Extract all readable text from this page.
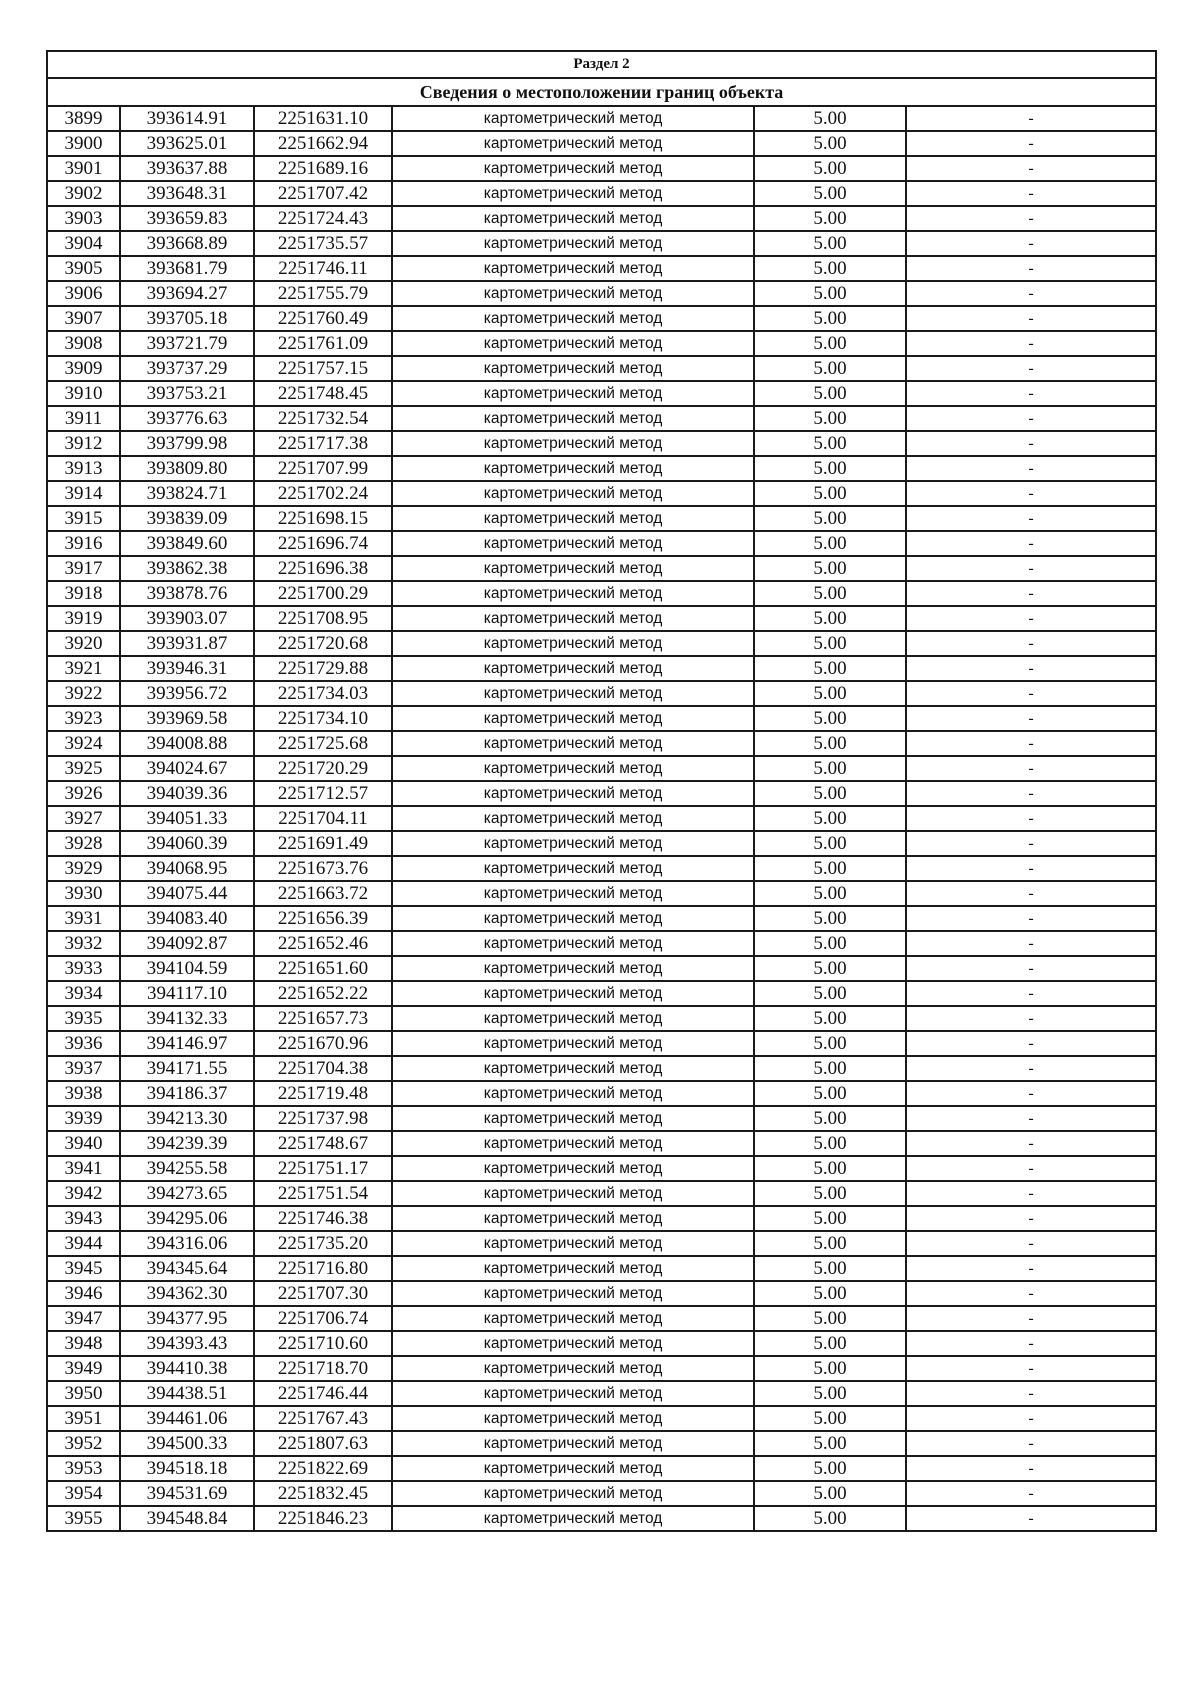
Раздел 2					
Сведения о местоположении границ объекта					
3899	393614.91	2251631.10	картометрический метод	5.00	-
3900	393625.01	2251662.94	картометрический метод	5.00	-
3901	393637.88	2251689.16	картометрический метод	5.00	-
3902	393648.31	2251707.42	картометрический метод	5.00	-
3903	393659.83	2251724.43	картометрический метод	5.00	-
3904	393668.89	2251735.57	картометрический метод	5.00	-
3905	393681.79	2251746.11	картометрический метод	5.00	-
3906	393694.27	2251755.79	картометрический метод	5.00	-
3907	393705.18	2251760.49	картометрический метод	5.00	-
3908	393721.79	2251761.09	картометрический метод	5.00	-
3909	393737.29	2251757.15	картометрический метод	5.00	-
3910	393753.21	2251748.45	картометрический метод	5.00	-
3911	393776.63	2251732.54	картометрический метод	5.00	-
3912	393799.98	2251717.38	картометрический метод	5.00	-
3913	393809.80	2251707.99	картометрический метод	5.00	-
3914	393824.71	2251702.24	картометрический метод	5.00	-
3915	393839.09	2251698.15	картометрический метод	5.00	-
3916	393849.60	2251696.74	картометрический метод	5.00	-
3917	393862.38	2251696.38	картометрический метод	5.00	-
3918	393878.76	2251700.29	картометрический метод	5.00	-
3919	393903.07	2251708.95	картометрический метод	5.00	-
3920	393931.87	2251720.68	картометрический метод	5.00	-
3921	393946.31	2251729.88	картометрический метод	5.00	-
3922	393956.72	2251734.03	картометрический метод	5.00	-
3923	393969.58	2251734.10	картометрический метод	5.00	-
3924	394008.88	2251725.68	картометрический метод	5.00	-
3925	394024.67	2251720.29	картометрический метод	5.00	-
3926	394039.36	2251712.57	картометрический метод	5.00	-
3927	394051.33	2251704.11	картометрический метод	5.00	-
3928	394060.39	2251691.49	картометрический метод	5.00	-
3929	394068.95	2251673.76	картометрический метод	5.00	-
3930	394075.44	2251663.72	картометрический метод	5.00	-
3931	394083.40	2251656.39	картометрический метод	5.00	-
3932	394092.87	2251652.46	картометрический метод	5.00	-
3933	394104.59	2251651.60	картометрический метод	5.00	-
3934	394117.10	2251652.22	картометрический метод	5.00	-
3935	394132.33	2251657.73	картометрический метод	5.00	-
3936	394146.97	2251670.96	картометрический метод	5.00	-
3937	394171.55	2251704.38	картометрический метод	5.00	-
3938	394186.37	2251719.48	картометрический метод	5.00	-
3939	394213.30	2251737.98	картометрический метод	5.00	-
3940	394239.39	2251748.67	картометрический метод	5.00	-
3941	394255.58	2251751.17	картометрический метод	5.00	-
3942	394273.65	2251751.54	картометрический метод	5.00	-
3943	394295.06	2251746.38	картометрический метод	5.00	-
3944	394316.06	2251735.20	картометрический метод	5.00	-
3945	394345.64	2251716.80	картометрический метод	5.00	-
3946	394362.30	2251707.30	картометрический метод	5.00	-
3947	394377.95	2251706.74	картометрический метод	5.00	-
3948	394393.43	2251710.60	картометрический метод	5.00	-
3949	394410.38	2251718.70	картометрический метод	5.00	-
3950	394438.51	2251746.44	картометрический метод	5.00	-
3951	394461.06	2251767.43	картометрический метод	5.00	-
3952	394500.33	2251807.63	картометрический метод	5.00	-
3953	394518.18	2251822.69	картометрический метод	5.00	-
3954	394531.69	2251832.45	картометрический метод	5.00	-
3955	394548.84	2251846.23	картометрический метод	5.00	-
